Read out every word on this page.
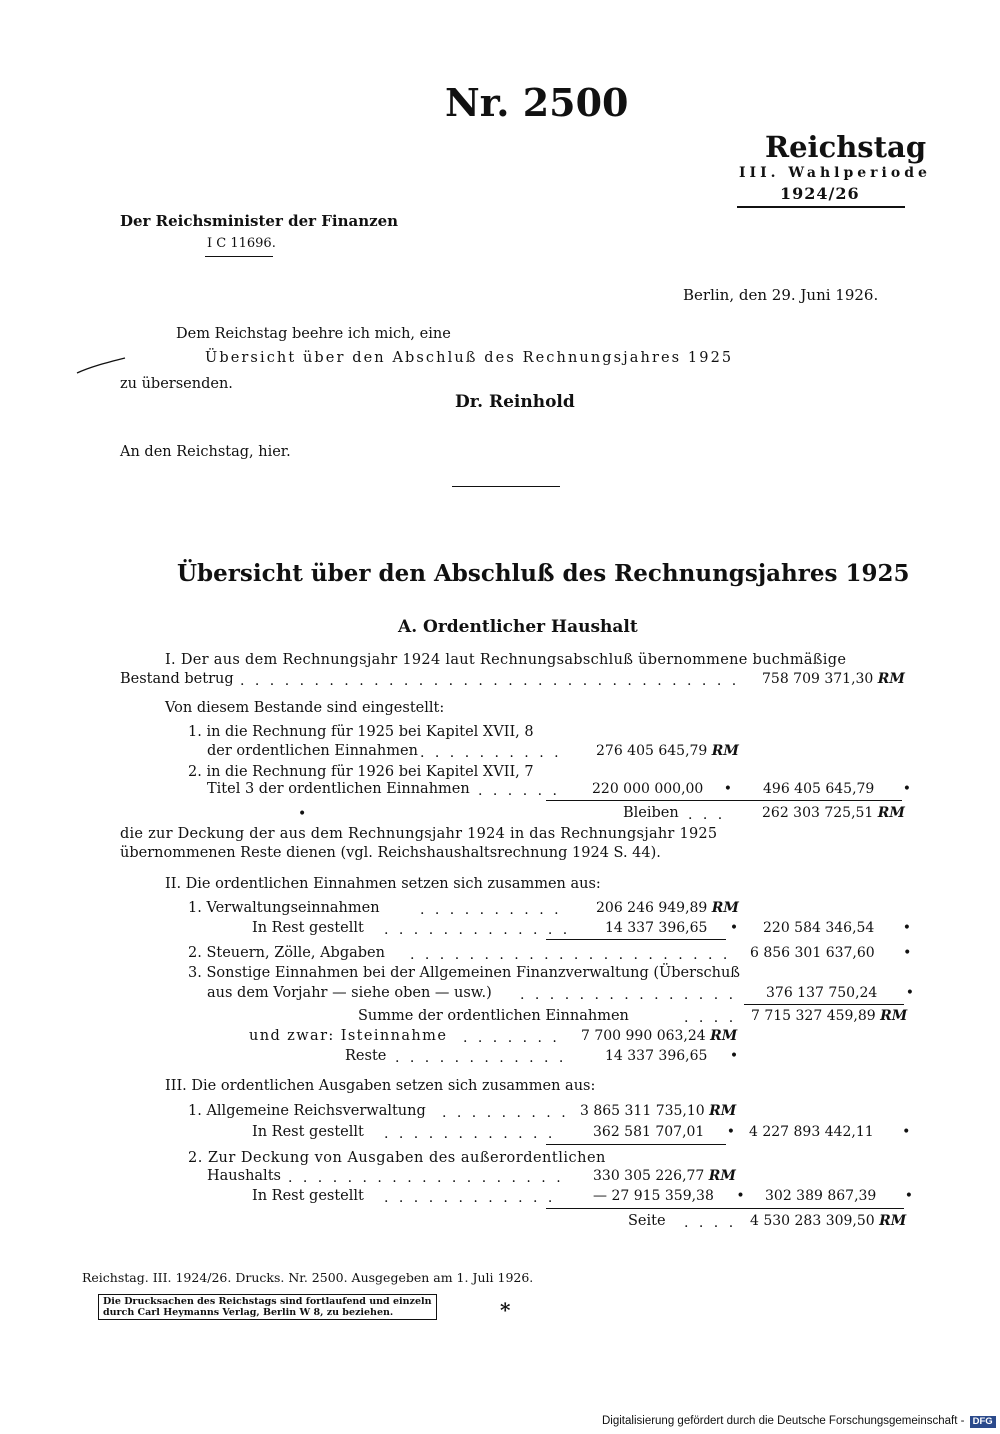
Nr. 2500
Reichstag
III. Wahlperiode
1924/26
Der Reichsminister der Finanzen
I C 11696.
Berlin, den 29. Juni 1926.
Dem Reichstag beehre ich mich, eine
Übersicht über den Abschluß des Rechnungsjahres 1925
zu übersenden.
Dr. Reinhold
An den Reichstag, hier.
Übersicht über den Abschluß des Rechnungsjahres 1925
A. Ordentlicher Haushalt
I. Der aus dem Rechnungsjahr 1924 laut Rechnungsabschluß übernommene buchmäßige
Bestand betrug . . .	758 709 371,30 RM
Von diesem Bestande sind eingestellt:
1. in die Rechnung für 1925 bei Kapitel XVII, 8
der ordentlichen Einnahmen . . .	276 405 645,79 RM
2. in die Rechnung für 1926 bei Kapitel XVII, 7
Titel 3 der ordentlichen Einnahmen . . .	220 000 000,00 • 496 405 645,79 •
•	Bleiben . . .	262 303 725,51 RM
die zur Deckung der aus dem Rechnungsjahr 1924 in das Rechnungsjahr 1925
übernommenen Reste dienen (vgl. Reichshaushaltsrechnung 1924 S. 44).
II. Die ordentlichen Einnahmen setzen sich zusammen aus:
1. Verwaltungseinnahmen . . .	206 246 949,89 RM
In Rest gestellt . . .	14 337 396,65 • 220 584 346,54 •
2. Steuern, Zölle, Abgaben . . .	6 856 301 637,60 •
3. Sonstige Einnahmen bei der Allgemeinen Finanzverwaltung (Überschuß
aus dem Vorjahr — siehe oben — usw.) . . .	376 137 750,24 •
Summe der ordentlichen Einnahmen . . .	7 715 327 459,89 RM
und zwar: Isteinnahme . . .	7 700 990 063,24 RM
Reste . . .	14 337 396,65 •
III. Die ordentlichen Ausgaben setzen sich zusammen aus:
1. Allgemeine Reichsverwaltung . . .	3 865 311 735,10 RM
In Rest gestellt . . .	362 581 707,01 • 4 227 893 442,11 •
2. Zur Deckung von Ausgaben des außerordentlichen
Haushalts . . .	330 305 226,77 RM
In Rest gestellt . . .	— 27 915 359,38 • 302 389 867,39 •
Seite . . .	4 530 283 309,50 RM
Reichstag. III. 1924/26. Drucks. Nr. 2500. Ausgegeben am 1. Juli 1926.
Die Drucksachen des Reichstags sind fortlaufend und einzeln
durch Carl Heymanns Verlag, Berlin W 8, zu beziehen.	*
Digitalisierung gefördert durch die Deutsche Forschungsgemeinschaft - DFG
